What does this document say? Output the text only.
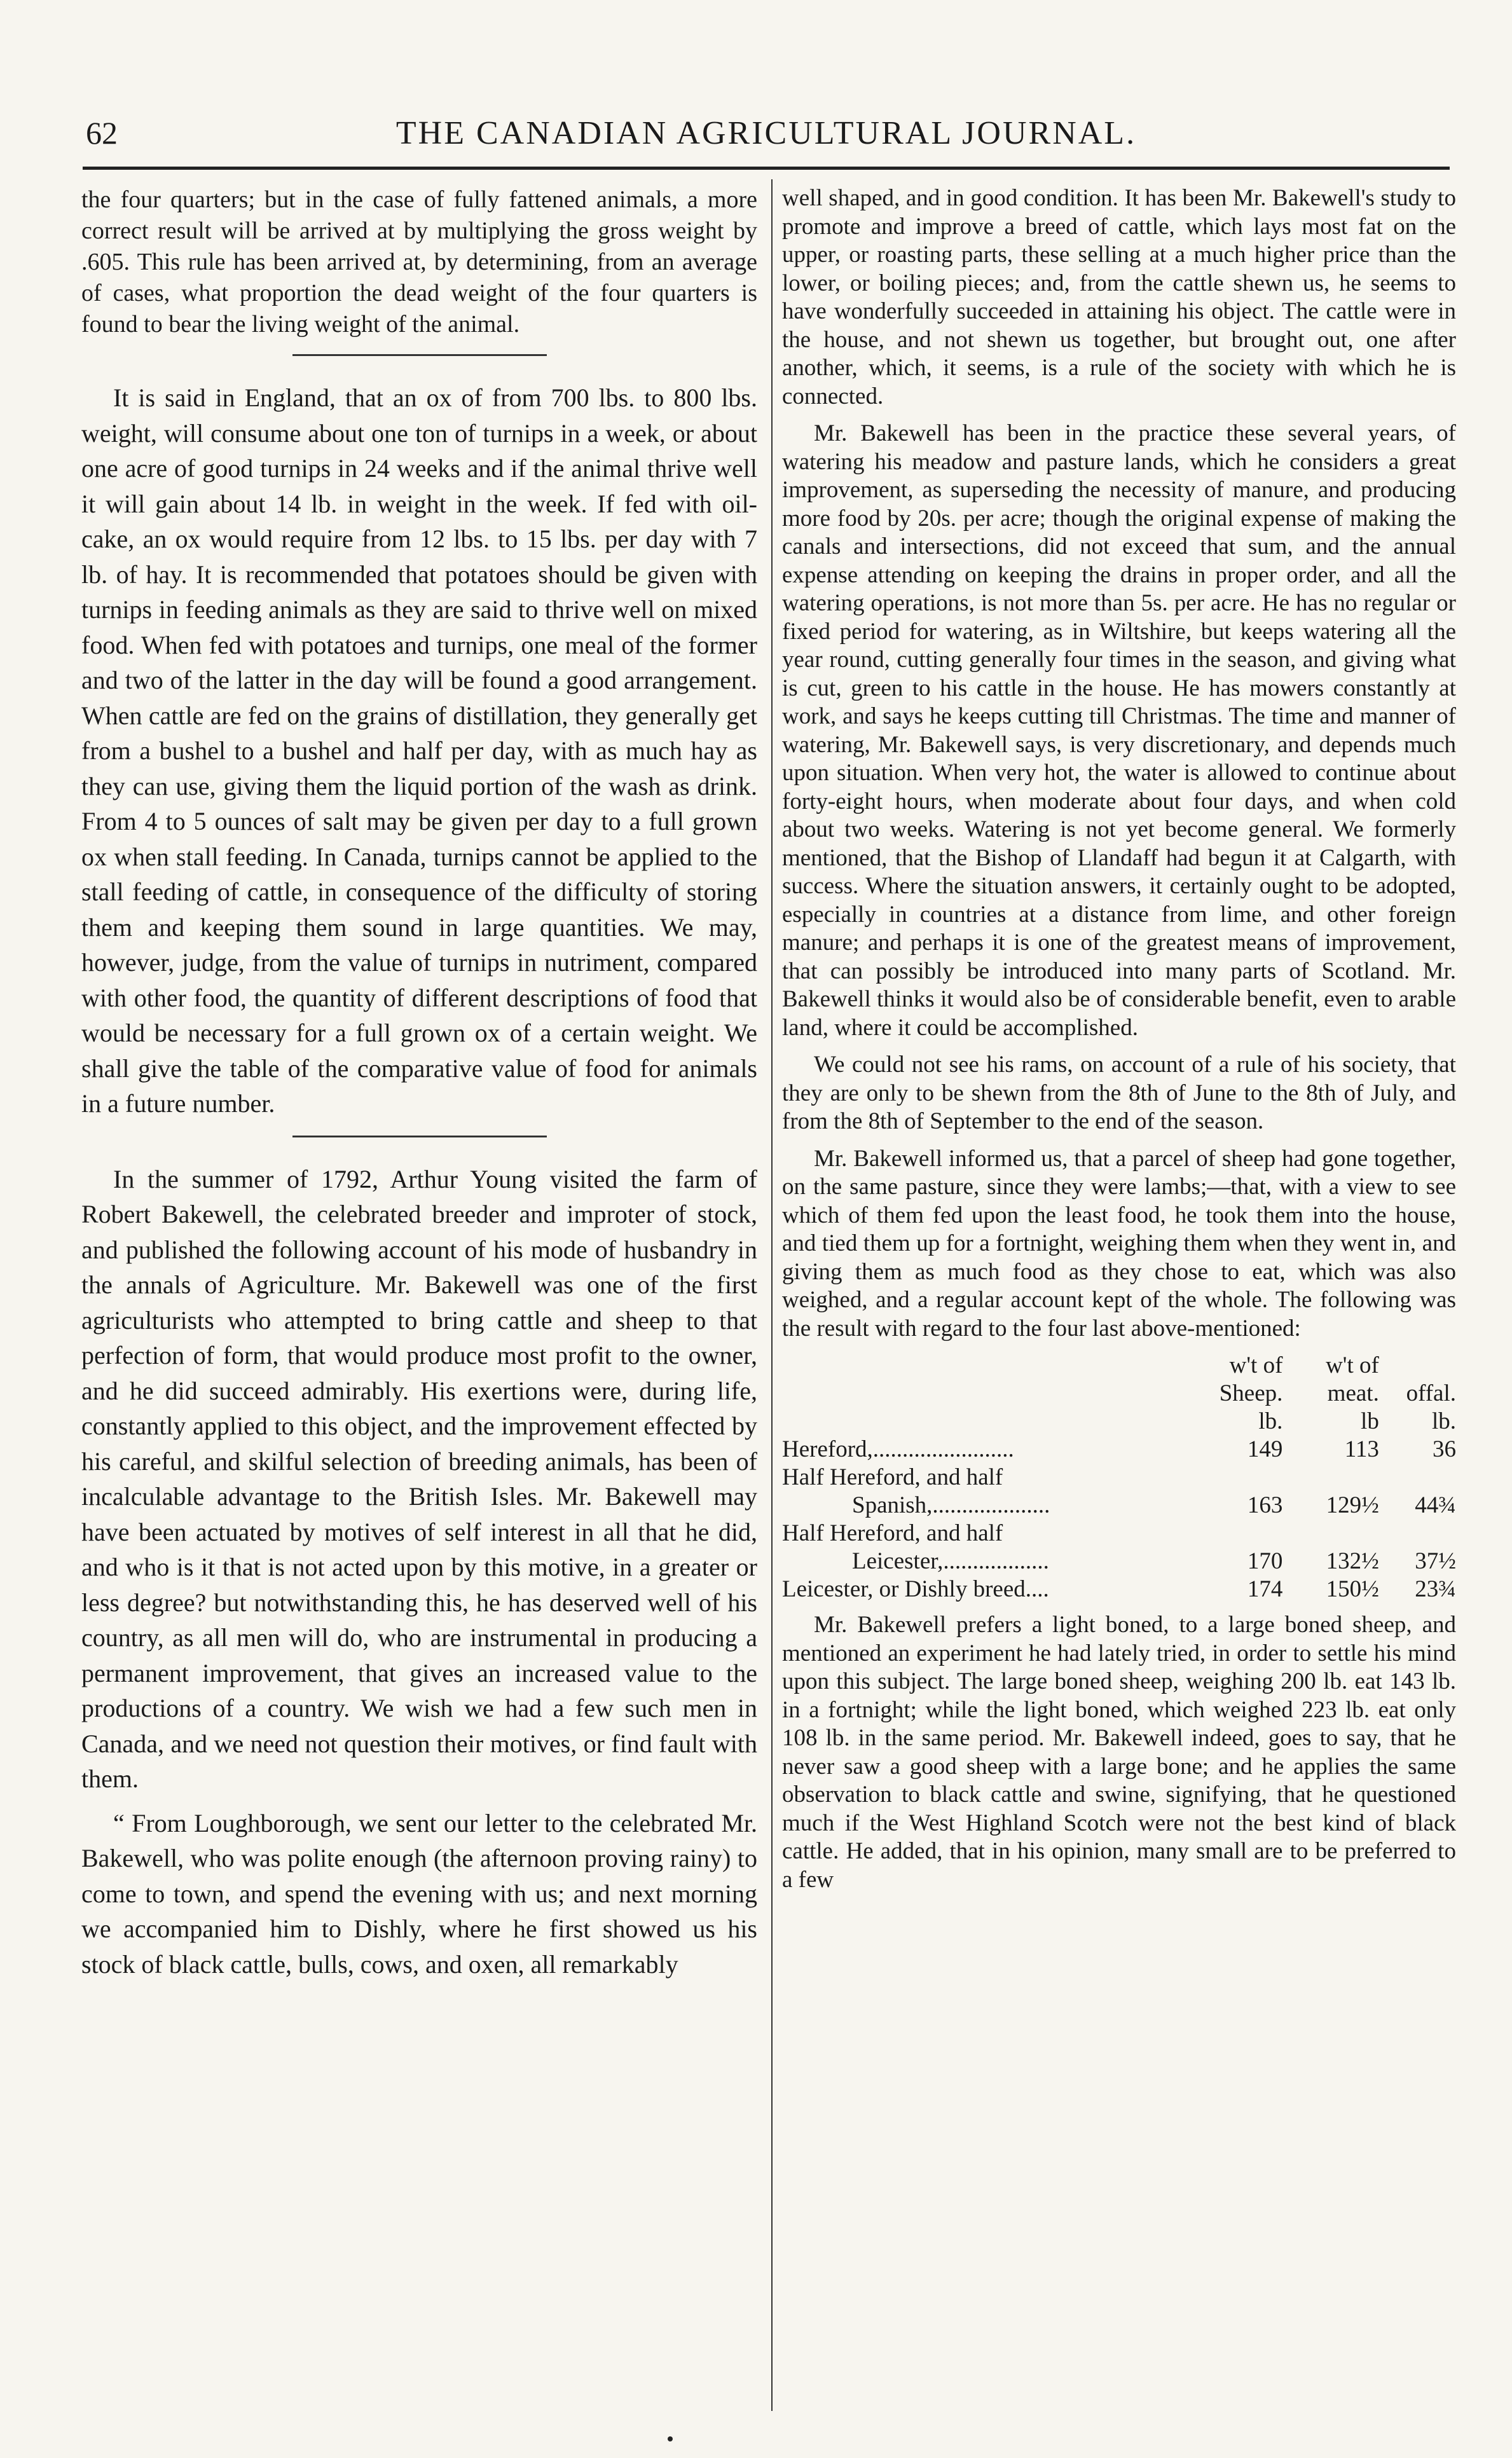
62	THE CANADIAN AGRICULTURAL JOURNAL.

the four quarters; but in the case of fully fattened animals, a more correct result will be arrived at by multiplying the gross weight by .605. This rule has been arrived at, by determining, from an average of cases, what proportion the dead weight of the four quarters is found to bear the living weight of the animal.

It is said in England, that an ox of from 700 lbs. to 800 lbs. weight, will consume about one ton of turnips in a week, or about one acre of good turnips in 24 weeks and if the animal thrive well it will gain about 14 lb. in weight in the week. If fed with oil-cake, an ox would require from 12 lbs. to 15 lbs. per day with 7 lb. of hay. It is recommended that potatoes should be given with turnips in feeding animals as they are said to thrive well on mixed food. When fed with potatoes and turnips, one meal of the former and two of the latter in the day will be found a good arrangement. When cattle are fed on the grains of distillation, they generally get from a bushel to a bushel and half per day, with as much hay as they can use, giving them the liquid portion of the wash as drink. From 4 to 5 ounces of salt may be given per day to a full grown ox when stall feeding. In Canada, turnips cannot be applied to the stall feeding of cattle, in consequence of the difficulty of storing them and keeping them sound in large quantities. We may, however, judge, from the value of turnips in nutriment, compared with other food, the quantity of different descriptions of food that would be necessary for a full grown ox of a certain weight. We shall give the table of the comparative value of food for animals in a future number.

In the summer of 1792, Arthur Young visited the farm of Robert Bakewell, the celebrated breeder and improter of stock, and published the following account of his mode of husbandry in the annals of Agriculture. Mr. Bakewell was one of the first agriculturists who attempted to bring cattle and sheep to that perfection of form, that would produce most profit to the owner, and he did succeed admirably. His exertions were, during life, constantly applied to this object, and the improvement effected by his careful, and skilful selection of breeding animals, has been of incalculable advantage to the British Isles. Mr. Bakewell may have been actuated by motives of self interest in all that he did, and who is it that is not acted upon by this motive, in a greater or less degree? but notwithstanding this, he has deserved well of his country, as all men will do, who are instrumental in producing a permanent improvement, that gives an increased value to the productions of a country. We wish we had a few such men in Canada, and we need not question their motives, or find fault with them.

“ From Loughborough, we sent our letter to the celebrated Mr. Bakewell, who was polite enough (the afternoon proving rainy) to come to town, and spend the evening with us; and next morning we accompanied him to Dishly, where he first showed us his stock of black cattle, bulls, cows, and oxen, all remarkably

well shaped, and in good condition. It has been Mr. Bakewell's study to promote and improve a breed of cattle, which lays most fat on the upper, or roasting parts, these selling at a much higher price than the lower, or boiling pieces; and, from the cattle shewn us, he seems to have wonderfully succeeded in attaining his object. The cattle were in the house, and not shewn us together, but brought out, one after another, which, it seems, is a rule of the society with which he is connected.

Mr. Bakewell has been in the practice these several years, of watering his meadow and pasture lands, which he considers a great improvement, as superseding the necessity of manure, and producing more food by 20s. per acre; though the original expense of making the canals and intersections, did not exceed that sum, and the annual expense attending on keeping the drains in proper order, and all the watering operations, is not more than 5s. per acre. He has no regular or fixed period for watering, as in Wiltshire, but keeps watering all the year round, cutting generally four times in the season, and giving what is cut, green to his cattle in the house. He has mowers constantly at work, and says he keeps cutting till Christmas. The time and manner of watering, Mr. Bakewell says, is very discretionary, and depends much upon situation. When very hot, the water is allowed to continue about forty-eight hours, when moderate about four days, and when cold about two weeks. Watering is not yet become general. We formerly mentioned, that the Bishop of Llandaff had begun it at Calgarth, with success. Where the situation answers, it certainly ought to be adopted, especially in countries at a distance from lime, and other foreign manure; and perhaps it is one of the greatest means of improvement, that can possibly be introduced into many parts of Scotland. Mr. Bakewell thinks it would also be of considerable benefit, even to arable land, where it could be accomplished.

We could not see his rams, on account of a rule of his society, that they are only to be shewn from the 8th of June to the 8th of July, and from the 8th of September to the end of the season.

Mr. Bakewell informed us, that a parcel of sheep had gone together, on the same pasture, since they were lambs;—that, with a view to see which of them fed upon the least food, he took them into the house, and tied them up for a fortnight, weighing them when they went in, and giving them as much food as they chose to eat, which was also weighed, and a regular account kept of the whole. The following was the result with regard to the four last above-mentioned:

	w't of Sheep.	w't of meat.	offal.
	lb.	lb	lb.
Hereford,........................	149	113	36
Half Hereford, and half			

Spanish,....................	163	129½	44¾
Half Hereford, and half			

Leicester,..................	170	132½	37½
Leicester, or Dishly breed....	174	150½	23¾

Mr. Bakewell prefers a light boned, to a large boned sheep, and mentioned an experiment he had lately tried, in order to settle his mind upon this subject. The large boned sheep, weighing 200 lb. eat 143 lb. in a fortnight; while the light boned, which weighed 223 lb. eat only 108 lb. in the same period. Mr. Bakewell indeed, goes to say, that he never saw a good sheep with a large bone; and he applies the same observation to black cattle and swine, signifying, that he questioned much if the West Highland Scotch were not the best kind of black cattle. He added, that in his opinion, many small are to be preferred to a few
